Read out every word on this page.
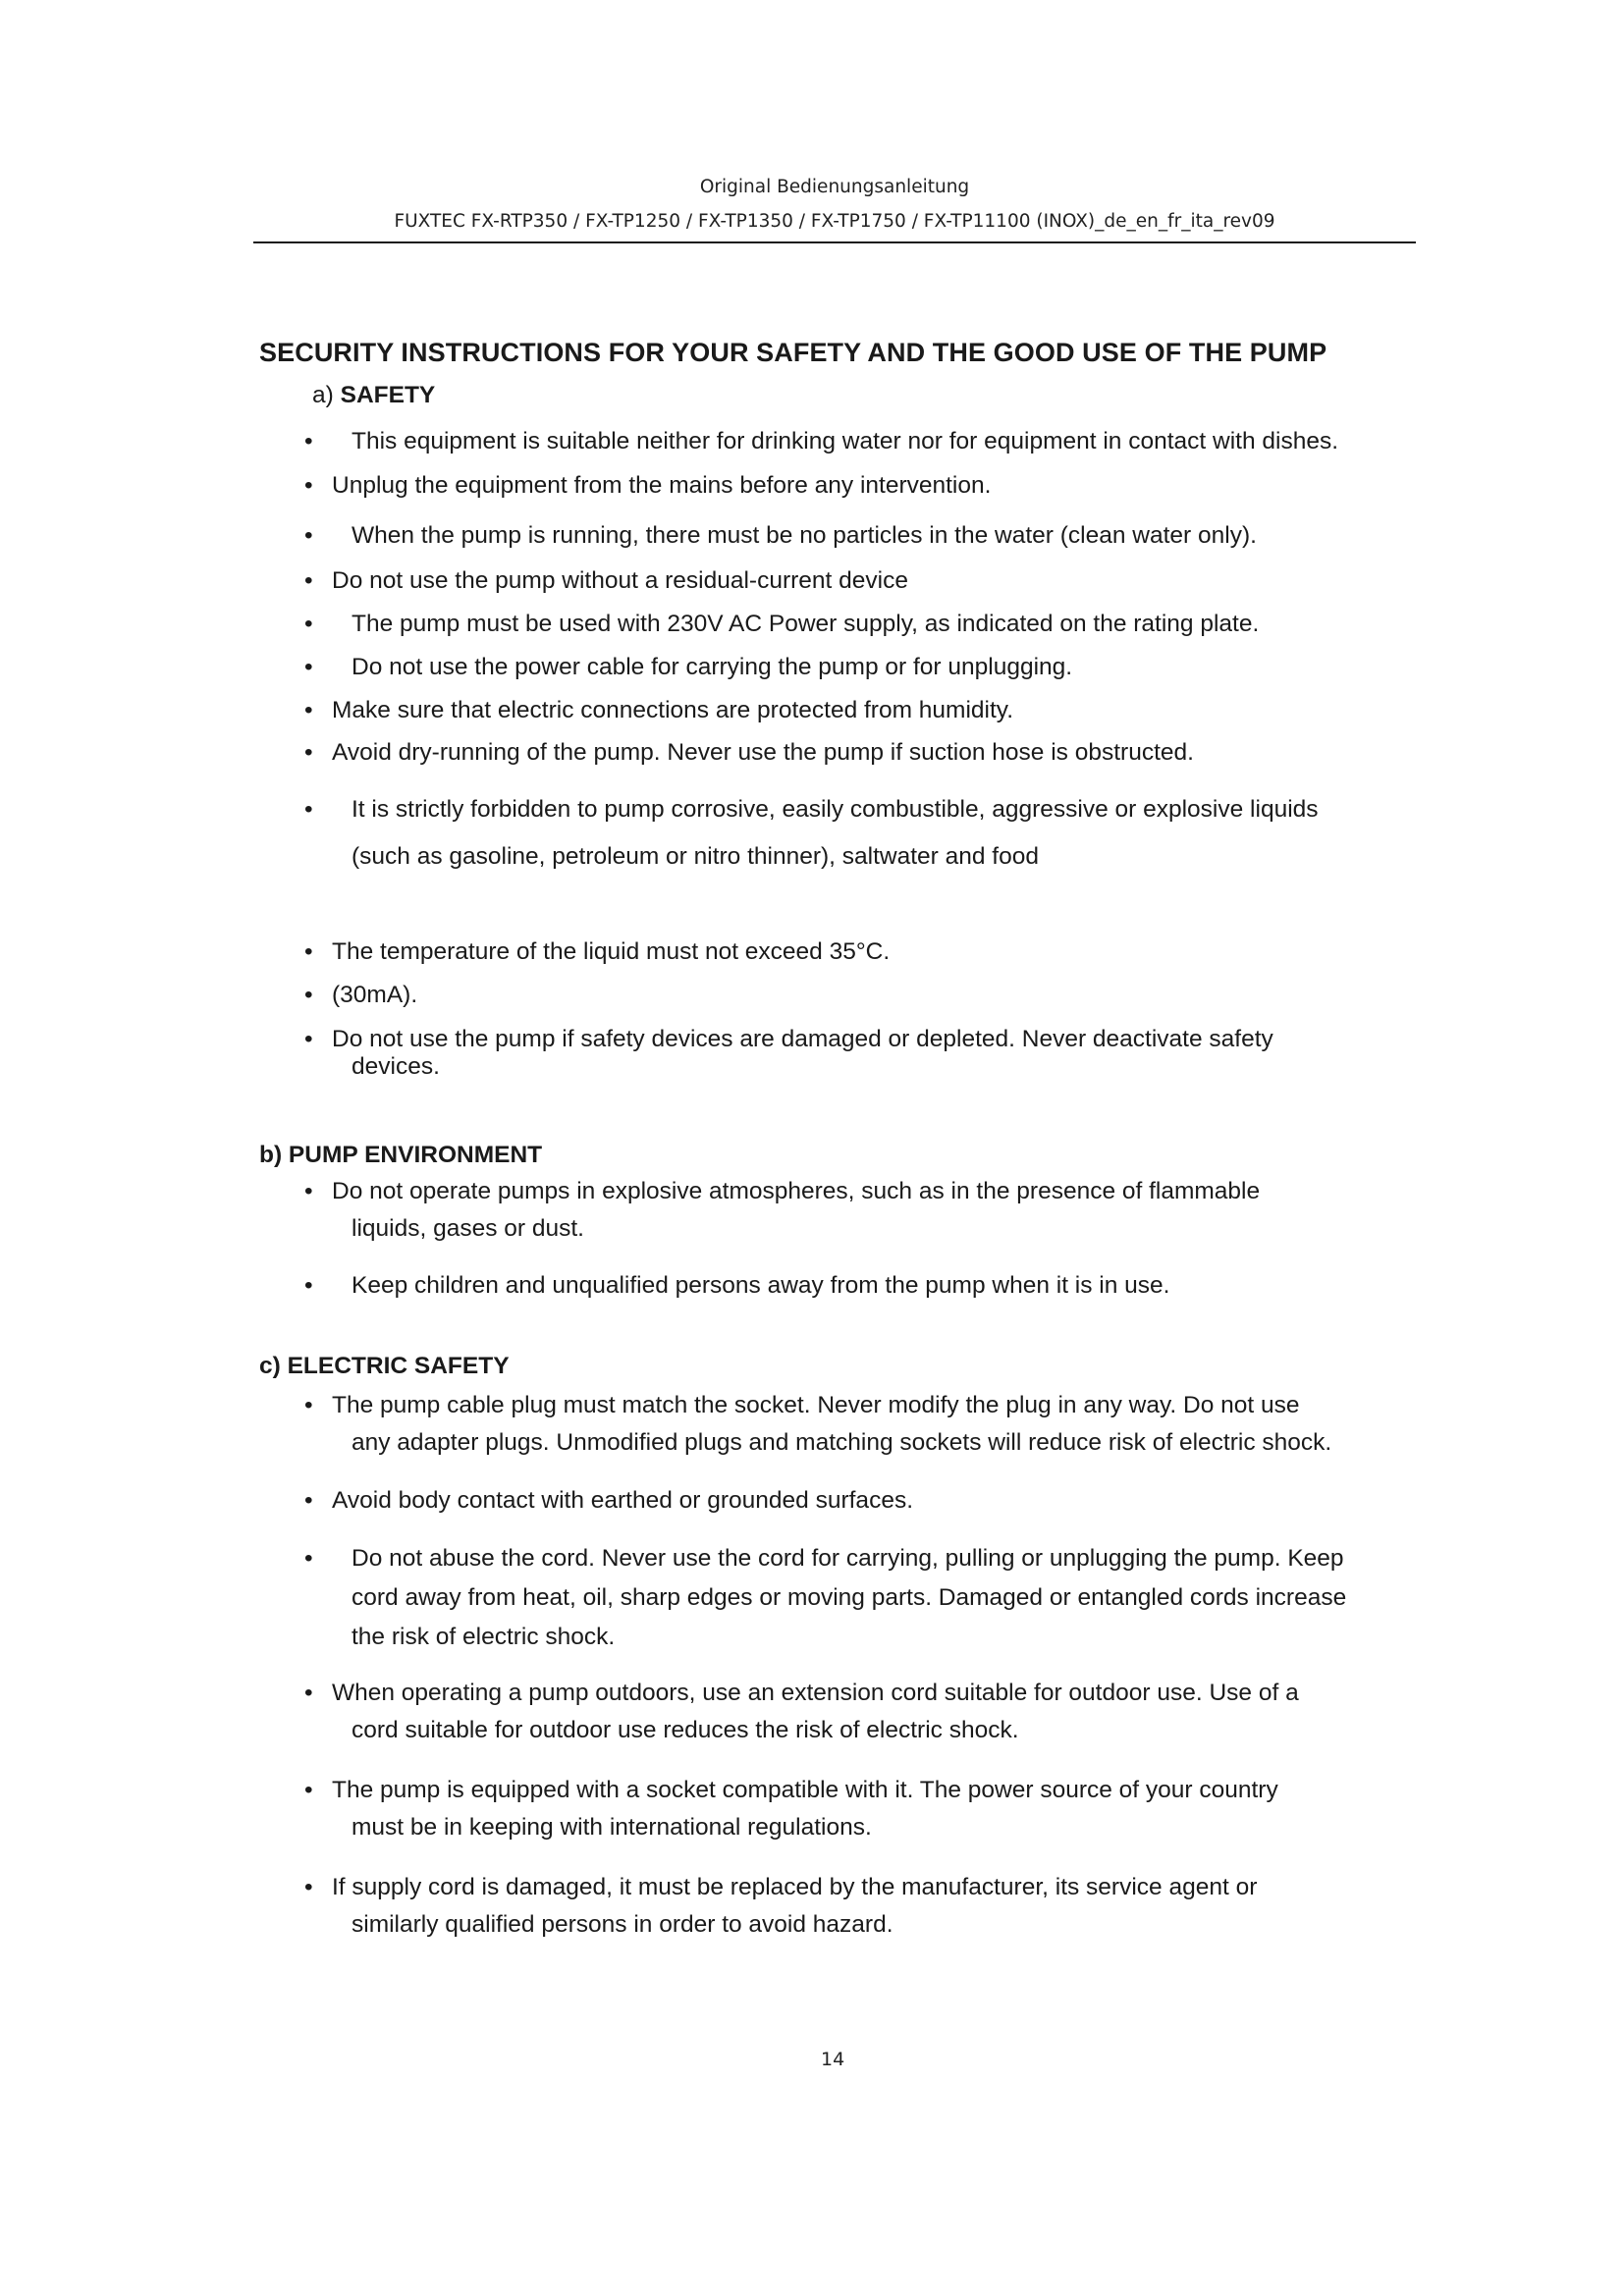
Original Bedienungsanleitung
FUXTEC FX-RTP350 / FX-TP1250 / FX-TP1350 / FX-TP1750 / FX-TP11100 (INOX)_de_en_fr_ita_rev09
SECURITY INSTRUCTIONS FOR YOUR SAFETY AND THE GOOD USE OF THE PUMP
a) SAFETY
• This equipment is suitable neither for drinking water nor for equipment in contact with dishes.
• Unplug the equipment from the mains before any intervention.
• When the pump is running, there must be no particles in the water (clean water only).
• Do not use the pump without a residual-current device
• The pump must be used with 230V AC Power supply, as indicated on the rating plate.
• Do not use the power cable for carrying the pump or for unplugging.
• Make sure that electric connections are protected from humidity.
• Avoid dry-running of the pump. Never use the pump if suction hose is obstructed.
• It is strictly forbidden to pump corrosive, easily combustible, aggressive or explosive liquids
(such as gasoline, petroleum or nitro thinner), saltwater and food
• The temperature of the liquid must not exceed 35°C.
• (30mA).
• Do not use the pump if safety devices are damaged or depleted. Never deactivate safety
devices.
b) PUMP ENVIRONMENT
• Do not operate pumps in explosive atmospheres, such as in the presence of flammable
liquids, gases or dust.
• Keep children and unqualified persons away from the pump when it is in use.
c) ELECTRIC SAFETY
• The pump cable plug must match the socket. Never modify the plug in any way. Do not use
any adapter plugs. Unmodified plugs and matching sockets will reduce risk of electric shock.
• Avoid body contact with earthed or grounded surfaces.
• Do not abuse the cord. Never use the cord for carrying, pulling or unplugging the pump. Keep
cord away from heat, oil, sharp edges or moving parts. Damaged or entangled cords increase
the risk of electric shock.
• When operating a pump outdoors, use an extension cord suitable for outdoor use. Use of a
cord suitable for outdoor use reduces the risk of electric shock.
• The pump is equipped with a socket compatible with it. The power source of your country
must be in keeping with international regulations.
• If supply cord is damaged, it must be replaced by the manufacturer, its service agent or
similarly qualified persons in order to avoid hazard.
14
